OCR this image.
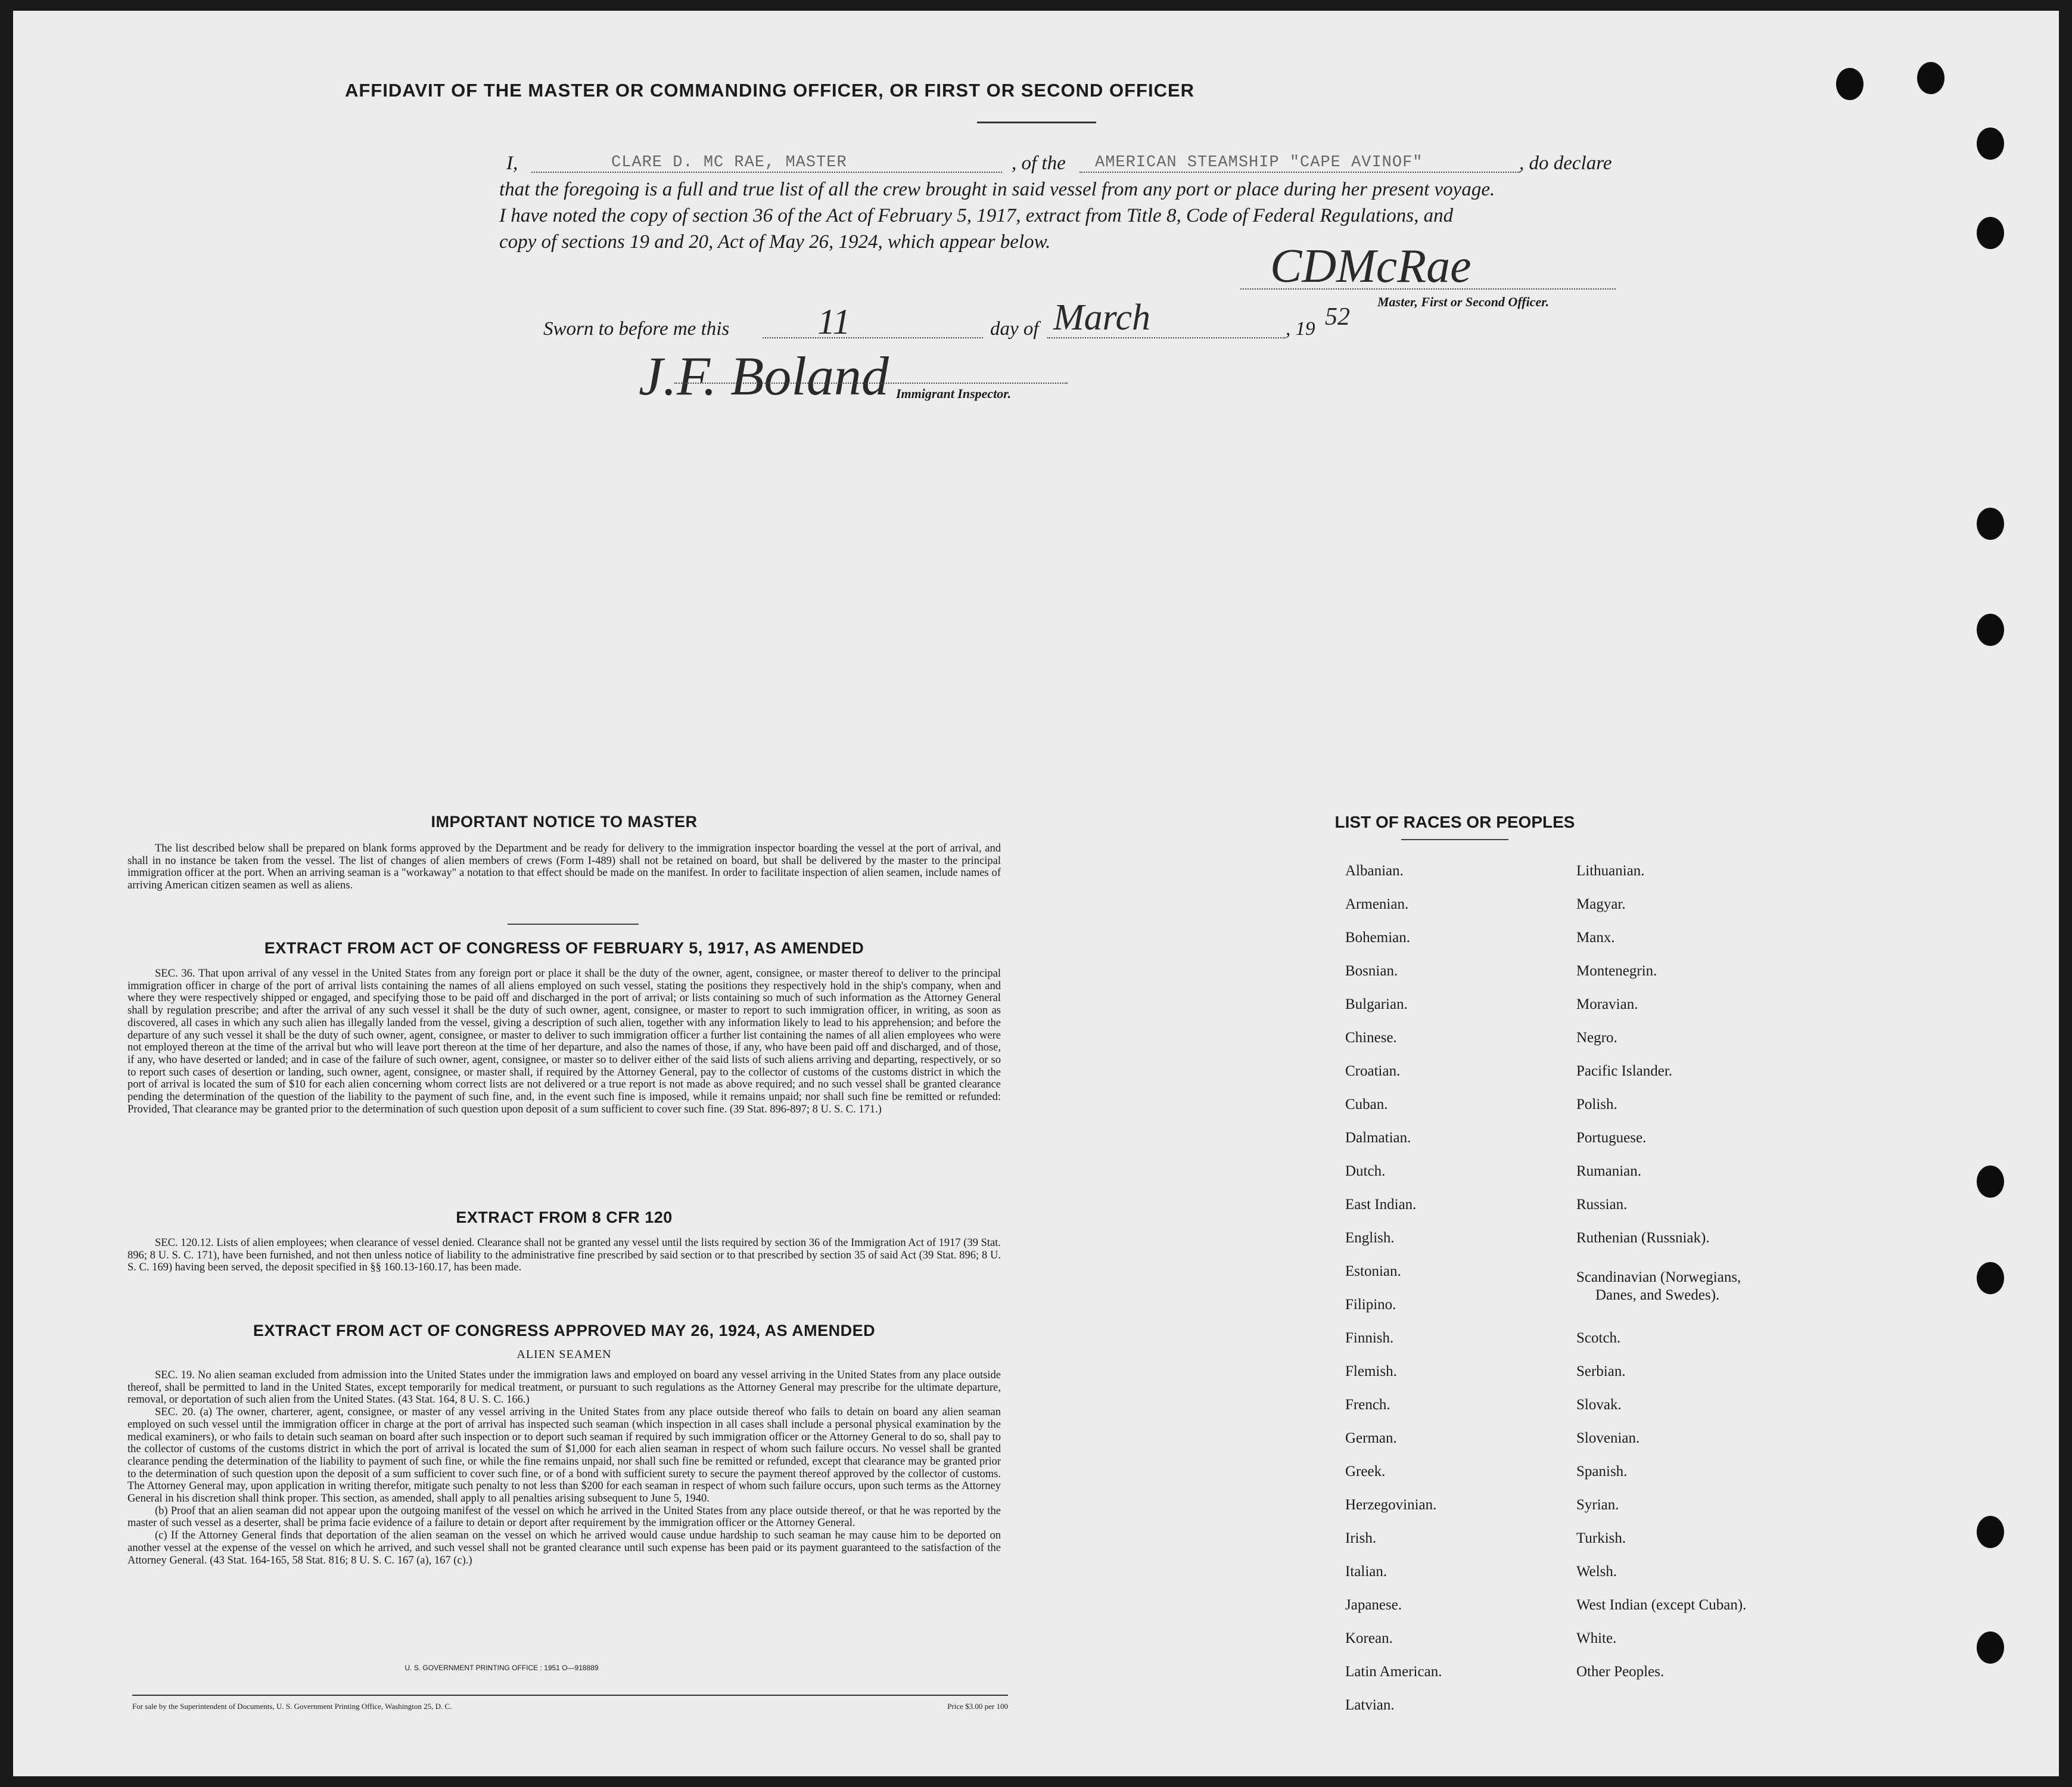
AFFIDAVIT OF THE MASTER OR COMMANDING OFFICER, OR FIRST OR SECOND OFFICER
I,	CLARE D. MC RAE, MASTER	, of the AMERICAN STEAMSHIP "CAPE AVINOF"	, do declare
that the foregoing is a full and true list of all the crew brought in said vessel from any port or place during her present voyage.
I have noted the copy of section 36 of the Act of February 5, 1917, extract from Title 8, Code of Federal Regulations, and
copy of sections 19 and 20, Act of May 26, 1924, which appear below.	CDMcRae
Master, First or Second Officer.
Sworn to before me this 11	day of March	, 19 52
J.F. Boland Immigrant Inspector.
IMPORTANT NOTICE TO MASTER

The list described below shall be prepared on blank forms approved by the Department and be ready for delivery to the immigration inspector boarding the vessel at the port of arrival, and shall in no instance be taken from the vessel. The list of changes of alien members of crews (Form I-489) shall not be retained on board, but shall be delivered by the master to the principal immigration officer at the port. When an arriving seaman is a "workaway" a notation to that effect should be made on the manifest. In order to facilitate inspection of alien seamen, include names of arriving American citizen seamen as well as aliens.

EXTRACT FROM ACT OF CONGRESS OF FEBRUARY 5, 1917, AS AMENDED

SEC. 36. That upon arrival of any vessel in the United States from any foreign port or place it shall be the duty of the owner, agent, consignee, or master thereof to deliver to the principal immigration officer in charge of the port of arrival lists containing the names of all aliens employed on such vessel, stating the positions they respectively hold in the ship's company, when and where they were respectively shipped or engaged, and specifying those to be paid off and discharged in the port of arrival; or lists containing so much of such information as the Attorney General shall by regulation prescribe; and after the arrival of any such vessel it shall be the duty of such owner, agent, consignee, or master to report to such immigration officer, in writing, as soon as discovered, all cases in which any such alien has illegally landed from the vessel, giving a description of such alien, together with any information likely to lead to his apprehension; and before the departure of any such vessel it shall be the duty of such owner, agent, consignee, or master to deliver to such immigration officer a further list containing the names of all alien employees who were not employed thereon at the time of the arrival but who will leave port thereon at the time of her departure, and also the names of those, if any, who have been paid off and discharged, and of those, if any, who have deserted or landed; and in case of the failure of such owner, agent, consignee, or master so to deliver either of the said lists of such aliens arriving and departing, respectively, or so to report such cases of desertion or landing, such owner, agent, consignee, or master shall, if required by the Attorney General, pay to the collector of customs of the customs district in which the port of arrival is located the sum of $10 for each alien concerning whom correct lists are not delivered or a true report is not made as above required; and no such vessel shall be granted clearance pending the determination of the question of the liability to the payment of such fine, and, in the event such fine is imposed, while it remains unpaid; nor shall such fine be remitted or refunded: Provided, That clearance may be granted prior to the determination of such question upon deposit of a sum sufficient to cover such fine. (39 Stat. 896-897; 8 U. S. C. 171.)

EXTRACT FROM 8 CFR 120

SEC. 120.12. Lists of alien employees; when clearance of vessel denied. Clearance shall not be granted any vessel until the lists required by section 36 of the Immigration Act of 1917 (39 Stat. 896; 8 U. S. C. 171), have been furnished, and not then unless notice of liability to the administrative fine prescribed by said section or to that prescribed by section 35 of said Act (39 Stat. 896; 8 U. S. C. 169) having been served, the deposit specified in §§ 160.13-160.17, has been made.

EXTRACT FROM ACT OF CONGRESS APPROVED MAY 26, 1924, AS AMENDED
ALIEN SEAMEN

SEC. 19. No alien seaman excluded from admission into the United States under the immigration laws and employed on board any vessel arriving in the United States from any place outside thereof, shall be permitted to land in the United States, except temporarily for medical treatment, or pursuant to such regulations as the Attorney General may prescribe for the ultimate departure, removal, or deportation of such alien from the United States. (43 Stat. 164, 8 U. S. C. 166.)

SEC. 20. (a) The owner, charterer, agent, consignee, or master of any vessel arriving in the United States from any place outside thereof who fails to detain on board any alien seaman employed on such vessel until the immigration officer in charge at the port of arrival has inspected such seaman (which inspection in all cases shall include a personal physical examination by the medical examiners), or who fails to detain such seaman on board after such inspection or to deport such seaman if required by such immigration officer or the Attorney General to do so, shall pay to the collector of customs of the customs district in which the port of arrival is located the sum of $1,000 for each alien seaman in respect of whom such failure occurs. No vessel shall be granted clearance pending the determination of the liability to payment of such fine, or while the fine remains unpaid, nor shall such fine be remitted or refunded, except that clearance may be granted prior to the determination of such question upon the deposit of a sum sufficient to cover such fine, or of a bond with sufficient surety to secure the payment thereof approved by the collector of customs. The Attorney General may, upon application in writing therefor, mitigate such penalty to not less than $200 for each seaman in respect of whom such failure occurs, upon such terms as the Attorney General in his discretion shall think proper. This section, as amended, shall apply to all penalties arising subsequent to June 5, 1940.

(b) Proof that an alien seaman did not appear upon the outgoing manifest of the vessel on which he arrived in the United States from any place outside thereof, or that he was reported by the master of such vessel as a deserter, shall be prima facie evidence of a failure to detain or deport after requirement by the immigration officer or the Attorney General.

(c) If the Attorney General finds that deportation of the alien seaman on the vessel on which he arrived would cause undue hardship to such seaman he may cause him to be deported on another vessel at the expense of the vessel on which he arrived, and such vessel shall not be granted clearance until such expense has been paid or its payment guaranteed to the satisfaction of the Attorney General. (43 Stat. 164-165, 58 Stat. 816; 8 U. S. C. 167 (a), 167 (c).)

U. S. GOVERNMENT PRINTING OFFICE : 1951 O—918889
For sale by the Superintendent of Documents, U. S. Government Printing Office, Washington 25, D. C.	Price $3.00 per 100
LIST OF RACES OR PEOPLES
Albanian.
Armenian.
Bohemian.
Bosnian.
Bulgarian.
Chinese.
Croatian.
Cuban.
Dalmatian.
Dutch.
East Indian.
English.
Estonian.
Filipino.
Finnish.
Flemish.
French.
German.
Greek.
Herzegovinian.
Irish.
Italian.
Japanese.
Korean.
Latin American.
Latvian.
Lithuanian.
Magyar.
Manx.
Montenegrin.
Moravian.
Negro.
Pacific Islander.
Polish.
Portuguese.
Rumanian.
Russian.
Ruthenian (Russniak).
Scandinavian (Norwegians,
Danes, and Swedes).
Scotch.
Serbian.
Slovak.
Slovenian.
Spanish.
Syrian.
Turkish.
Welsh.
West Indian (except Cuban).
White.
Other Peoples.
